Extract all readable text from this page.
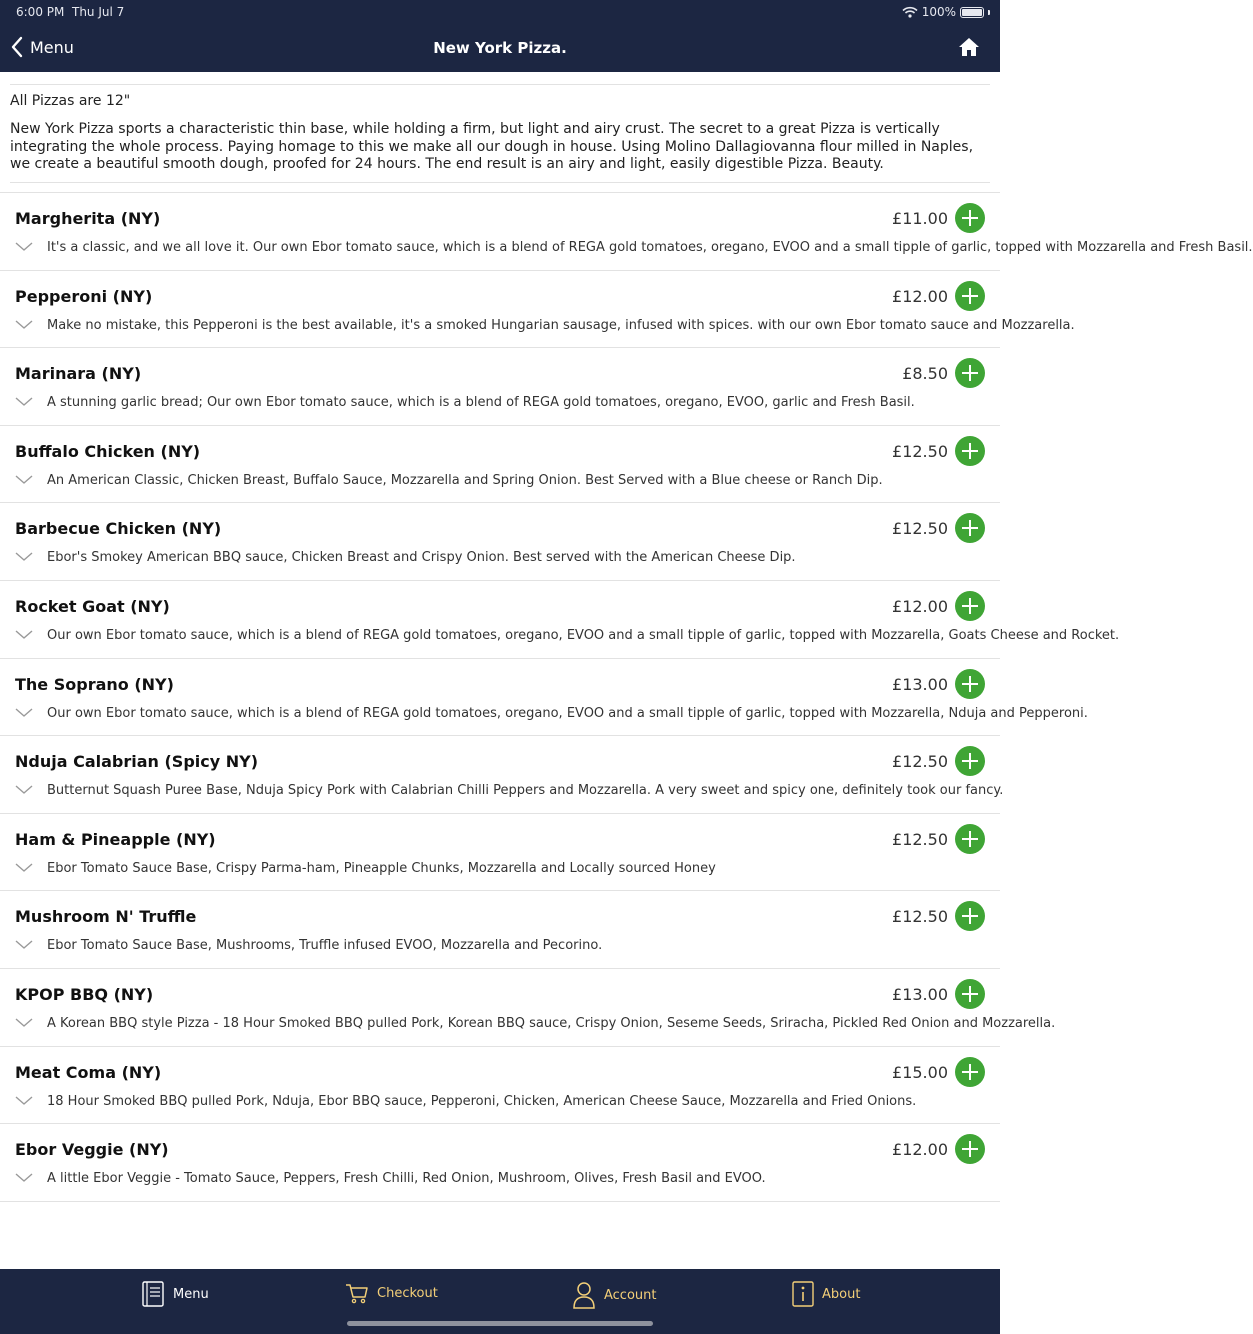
6:00 PM Thu Jul 7	100%
Menu	New York Pizza.
All Pizzas are 12"
New York Pizza sports a characteristic thin base, while holding a firm, but light and airy crust. The secret to a great Pizza is vertically integrating the whole process. Paying homage to this we make all our dough in house. Using Molino Dallagiovanna flour milled in Naples, we create a beautiful smooth dough, proofed for 24 hours. The end result is an airy and light, easily digestible Pizza. Beauty.
Margherita (NY)	£11.00
It's a classic, and we all love it. Our own Ebor tomato sauce, which is a blend of REGA gold tomatoes, oregano, EVOO and a small tipple of garlic, topped with Mozzarella and Fresh Basil.
Pepperoni (NY)	£12.00
Make no mistake, this Pepperoni is the best available, it's a smoked Hungarian sausage, infused with spices. with our own Ebor tomato sauce and Mozzarella.
Marinara (NY)	£8.50
A stunning garlic bread; Our own Ebor tomato sauce, which is a blend of REGA gold tomatoes, oregano, EVOO, garlic and Fresh Basil.
Buffalo Chicken (NY)	£12.50
An American Classic, Chicken Breast, Buffalo Sauce, Mozzarella and Spring Onion. Best Served with a Blue cheese or Ranch Dip.
Barbecue Chicken (NY)	£12.50
Ebor's Smokey American BBQ sauce, Chicken Breast and Crispy Onion. Best served with the American Cheese Dip.
Rocket Goat (NY)	£12.00
Our own Ebor tomato sauce, which is a blend of REGA gold tomatoes, oregano, EVOO and a small tipple of garlic, topped with Mozzarella, Goats Cheese and Rocket.
The Soprano (NY)	£13.00
Our own Ebor tomato sauce, which is a blend of REGA gold tomatoes, oregano, EVOO and a small tipple of garlic, topped with Mozzarella, Nduja and Pepperoni.
Nduja Calabrian (Spicy NY)	£12.50
Butternut Squash Puree Base, Nduja Spicy Pork with Calabrian Chilli Peppers and Mozzarella. A very sweet and spicy one, definitely took our fancy.
Ham & Pineapple (NY)	£12.50
Ebor Tomato Sauce Base, Crispy Parma-ham, Pineapple Chunks, Mozzarella and Locally sourced Honey
Mushroom N' Truffle	£12.50
Ebor Tomato Sauce Base, Mushrooms, Truffle infused EVOO, Mozzarella and Pecorino.
KPOP BBQ (NY)	£13.00
A Korean BBQ style Pizza - 18 Hour Smoked BBQ pulled Pork, Korean BBQ sauce, Crispy Onion, Seseme Seeds, Sriracha, Pickled Red Onion and Mozzarella.
Meat Coma (NY)	£15.00
18 Hour Smoked BBQ pulled Pork, Nduja, Ebor BBQ sauce, Pepperoni, Chicken, American Cheese Sauce, Mozzarella and Fried Onions.
Ebor Veggie (NY)	£12.00
A little Ebor Veggie - Tomato Sauce, Peppers, Fresh Chilli, Red Onion, Mushroom, Olives, Fresh Basil and EVOO.
Menu	Checkout	Account	About
